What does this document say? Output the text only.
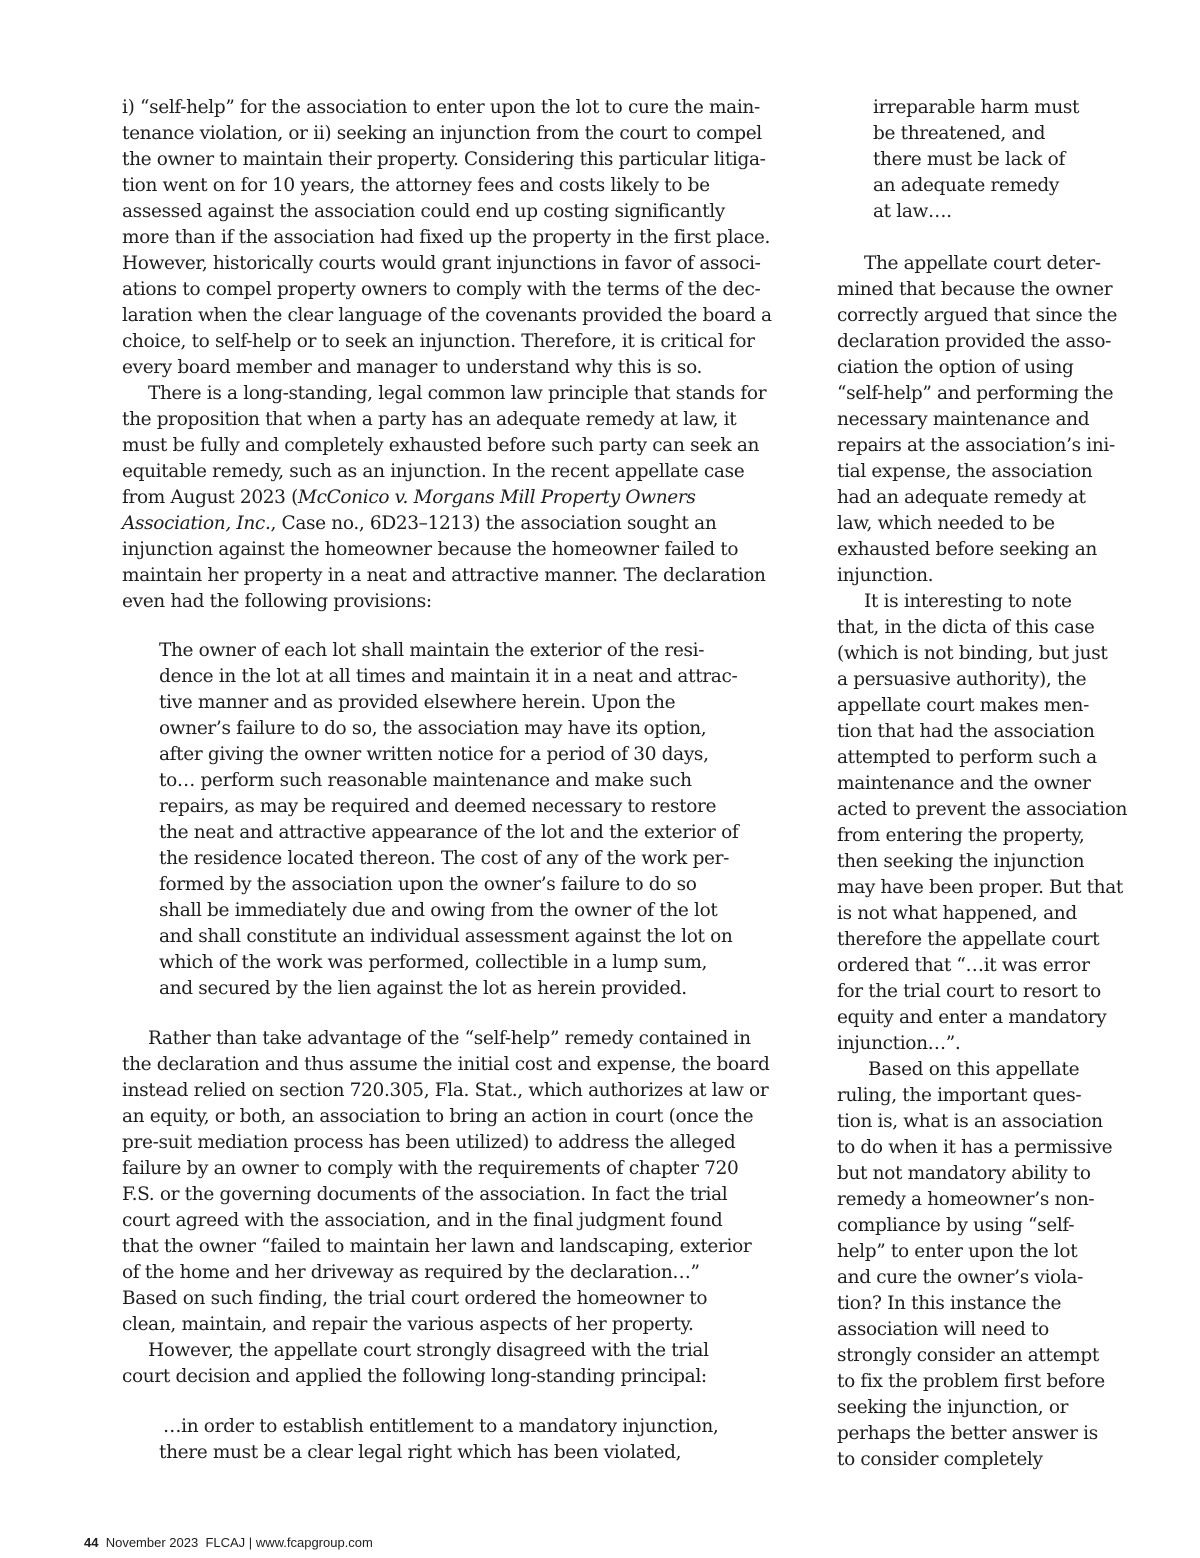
i) “self-help” for the association to enter upon the lot to cure the main-
tenance violation, or ii) seeking an injunction from the court to compel
the owner to maintain their property. Considering this particular litiga-
tion went on for 10 years, the attorney fees and costs likely to be
assessed against the association could end up costing significantly
more than if the association had fixed up the property in the first place.
However, historically courts would grant injunctions in favor of associ-
ations to compel property owners to comply with the terms of the dec-
laration when the clear language of the covenants provided the board a
choice, to self-help or to seek an injunction. Therefore, it is critical for
every board member and manager to understand why this is so.
There is a long-standing, legal common law principle that stands for
the proposition that when a party has an adequate remedy at law, it
must be fully and completely exhausted before such party can seek an
equitable remedy, such as an injunction. In the recent appellate case
from August 2023 (McConico v. Morgans Mill Property Owners
Association, Inc., Case no., 6D23–1213) the association sought an
injunction against the homeowner because the homeowner failed to
maintain her property in a neat and attractive manner. The declaration
even had the following provisions:
The owner of each lot shall maintain the exterior of the resi-
dence in the lot at all times and maintain it in a neat and attrac-
tive manner and as provided elsewhere herein. Upon the
owner’s failure to do so, the association may have its option,
after giving the owner written notice for a period of 30 days,
to… perform such reasonable maintenance and make such
repairs, as may be required and deemed necessary to restore
the neat and attractive appearance of the lot and the exterior of
the residence located thereon. The cost of any of the work per-
formed by the association upon the owner’s failure to do so
shall be immediately due and owing from the owner of the lot
and shall constitute an individual assessment against the lot on
which of the work was performed, collectible in a lump sum,
and secured by the lien against the lot as herein provided.
Rather than take advantage of the “self-help” remedy contained in
the declaration and thus assume the initial cost and expense, the board
instead relied on section 720.305, Fla. Stat., which authorizes at law or
an equity, or both, an association to bring an action in court (once the
pre-suit mediation process has been utilized) to address the alleged
failure by an owner to comply with the requirements of chapter 720
F.S. or the governing documents of the association. In fact the trial
court agreed with the association, and in the final judgment found
that the owner “failed to maintain her lawn and landscaping, exterior
of the home and her driveway as required by the declaration…”
Based on such finding, the trial court ordered the homeowner to
clean, maintain, and repair the various aspects of her property.
However, the appellate court strongly disagreed with the trial
court decision and applied the following long-standing principal:
…in order to establish entitlement to a mandatory injunction,
there must be a clear legal right which has been violated,
irreparable harm must
be threatened, and
there must be lack of
an adequate remedy
at law….
The appellate court deter-
mined that because the owner
correctly argued that since the
declaration provided the asso-
ciation the option of using
“self-help” and performing the
necessary maintenance and
repairs at the association’s ini-
tial expense, the association
had an adequate remedy at
law, which needed to be
exhausted before seeking an
injunction.
It is interesting to note
that, in the dicta of this case
(which is not binding, but just
a persuasive authority), the
appellate court makes men-
tion that had the association
attempted to perform such a
maintenance and the owner
acted to prevent the association
from entering the property,
then seeking the injunction
may have been proper. But that
is not what happened, and
therefore the appellate court
ordered that “…it was error
for the trial court to resort to
equity and enter a mandatory
injunction…”.
Based on this appellate
ruling, the important ques-
tion is, what is an association
to do when it has a permissive
but not mandatory ability to
remedy a homeowner’s non-
compliance by using “self-
help” to enter upon the lot
and cure the owner’s viola-
tion? In this instance the
association will need to
strongly consider an attempt
to fix the problem first before
seeking the injunction, or
perhaps the better answer is
to consider completely
44 November 2023 FLCAJ | www.fcapgroup.com
